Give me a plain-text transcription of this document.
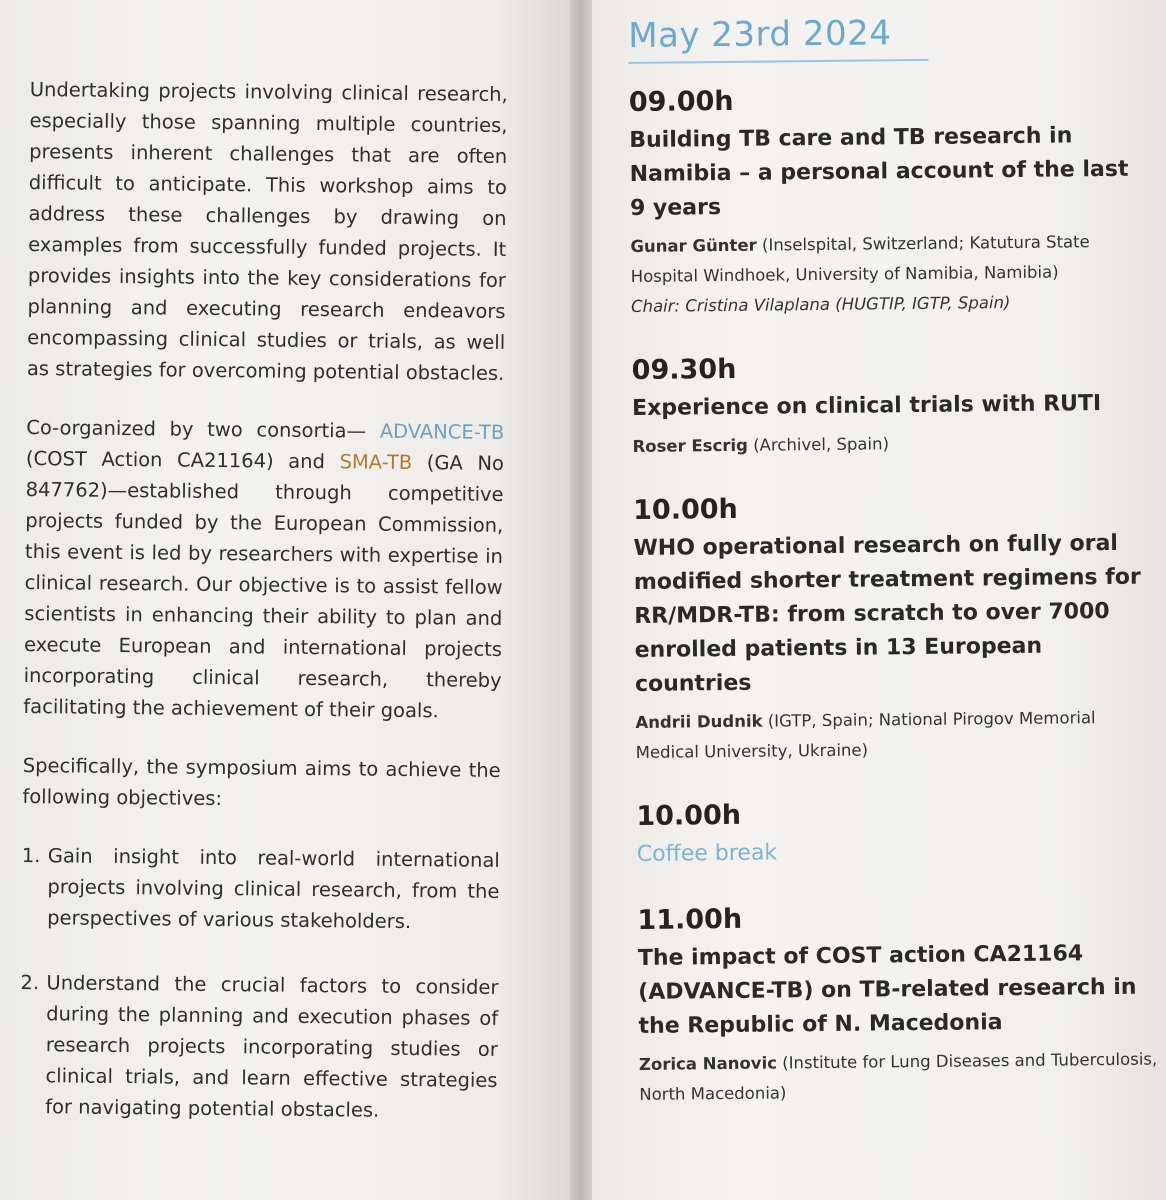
Undertaking projects involving clinical research, especially those spanning multiple countries, presents inherent challenges that are often difficult to anticipate. This workshop aims to address these challenges by drawing on examples from successfully funded projects. It provides insights into the key considerations for planning and executing research endeavors encompassing clinical studies or trials, as well as strategies for overcoming potential obstacles.

Co-organized by two consortia— ADVANCE-TB (COST Action CA21164) and SMA-TB (GA No 847762)—established through competitive projects funded by the European Commission, this event is led by researchers with expertise in clinical research. Our objective is to assist fellow scientists in enhancing their ability to plan and execute European and international projects incorporating clinical research, thereby facilitating the achievement of their goals.

Specifically, the symposium aims to achieve the following objectives:

1. Gain insight into real-world international projects involving clinical research, from the perspectives of various stakeholders.
2. Understand the crucial factors to consider during the planning and execution phases of research projects incorporating studies or clinical trials, and learn effective strategies for navigating potential obstacles.
May 23rd 2024
09.00h
Building TB care and TB research in Namibia – a personal account of the last 9 years
Gunar Günter (Inselspital, Switzerland; Katutura State Hospital Windhoek, University of Namibia, Namibia)
Chair: Cristina Vilaplana (HUGTIP, IGTP, Spain)
09.30h
Experience on clinical trials with RUTI
Roser Escrig (Archivel, Spain)
10.00h
WHO operational research on fully oral modified shorter treatment regimens for RR/MDR-TB: from scratch to over 7000 enrolled patients in 13 European countries
Andrii Dudnik (IGTP, Spain; National Pirogov Memorial Medical University, Ukraine)
10.00h
Coffee break
11.00h
The impact of COST action CA21164 (ADVANCE-TB) on TB-related research in the Republic of N. Macedonia
Zorica Nanovic (Institute for Lung Diseases and Tuberculosis, North Macedonia)
